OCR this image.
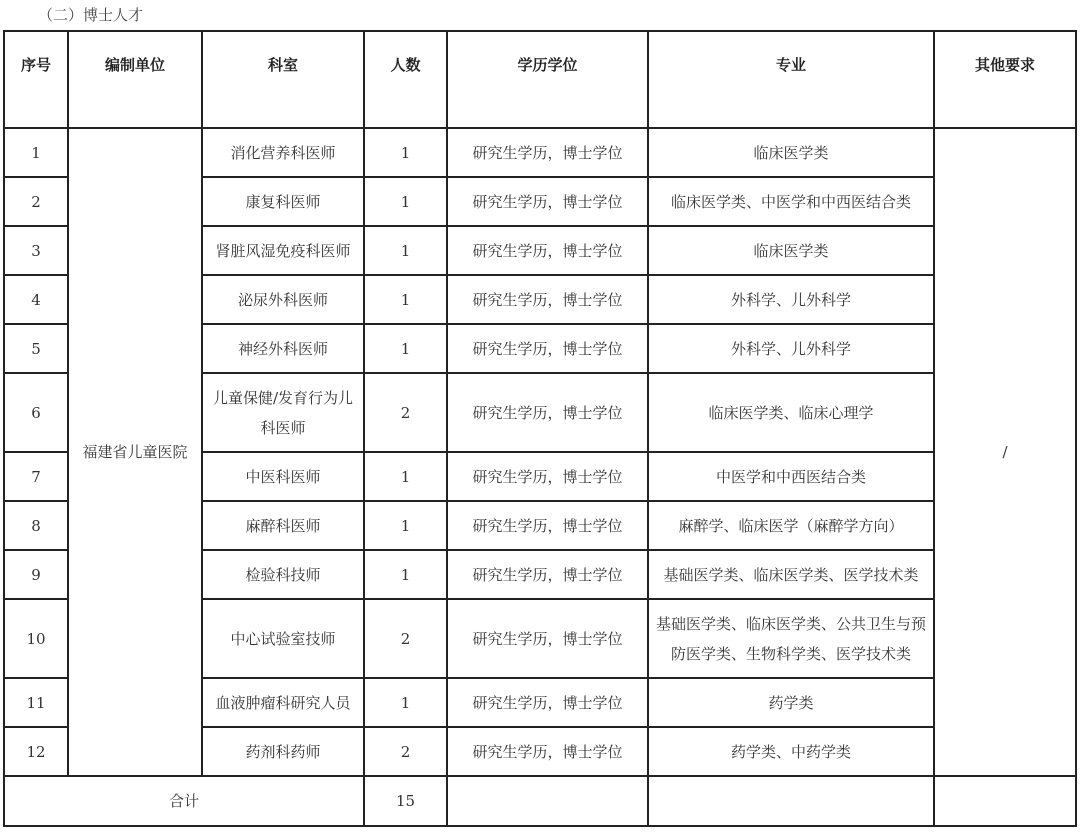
（二）博士人才
序号	编制单位	科室	人数	学历学位	专业	其他要求
1	福建省儿童医院	消化营养科医师	1	研究生学历，博士学位	临床医学类	/
2		康复科医师	1	研究生学历，博士学位	临床医学类、中医学和中西医结合类	
3		肾脏风湿免疫科医师	1	研究生学历，博士学位	临床医学类	
4		泌尿外科医师	1	研究生学历，博士学位	外科学、儿外科学	
5		神经外科医师	1	研究生学历，博士学位	外科学、儿外科学	
6		儿童保健/发育行为儿科医师	2	研究生学历，博士学位	临床医学类、临床心理学	
7		中医科医师	1	研究生学历，博士学位	中医学和中西医结合类	
8		麻醉科医师	1	研究生学历，博士学位	麻醉学、临床医学（麻醉学方向）	
9		检验科技师	1	研究生学历，博士学位	基础医学类、临床医学类、医学技术类	
10		中心试验室技师	2	研究生学历，博士学位	基础医学类、临床医学类、公共卫生与预防医学类、生物科学类、医学技术类	
11		血液肿瘤科研究人员	1	研究生学历，博士学位	药学类	
12		药剂科药师	2	研究生学历，博士学位	药学类、中药学类	
合计			15			
